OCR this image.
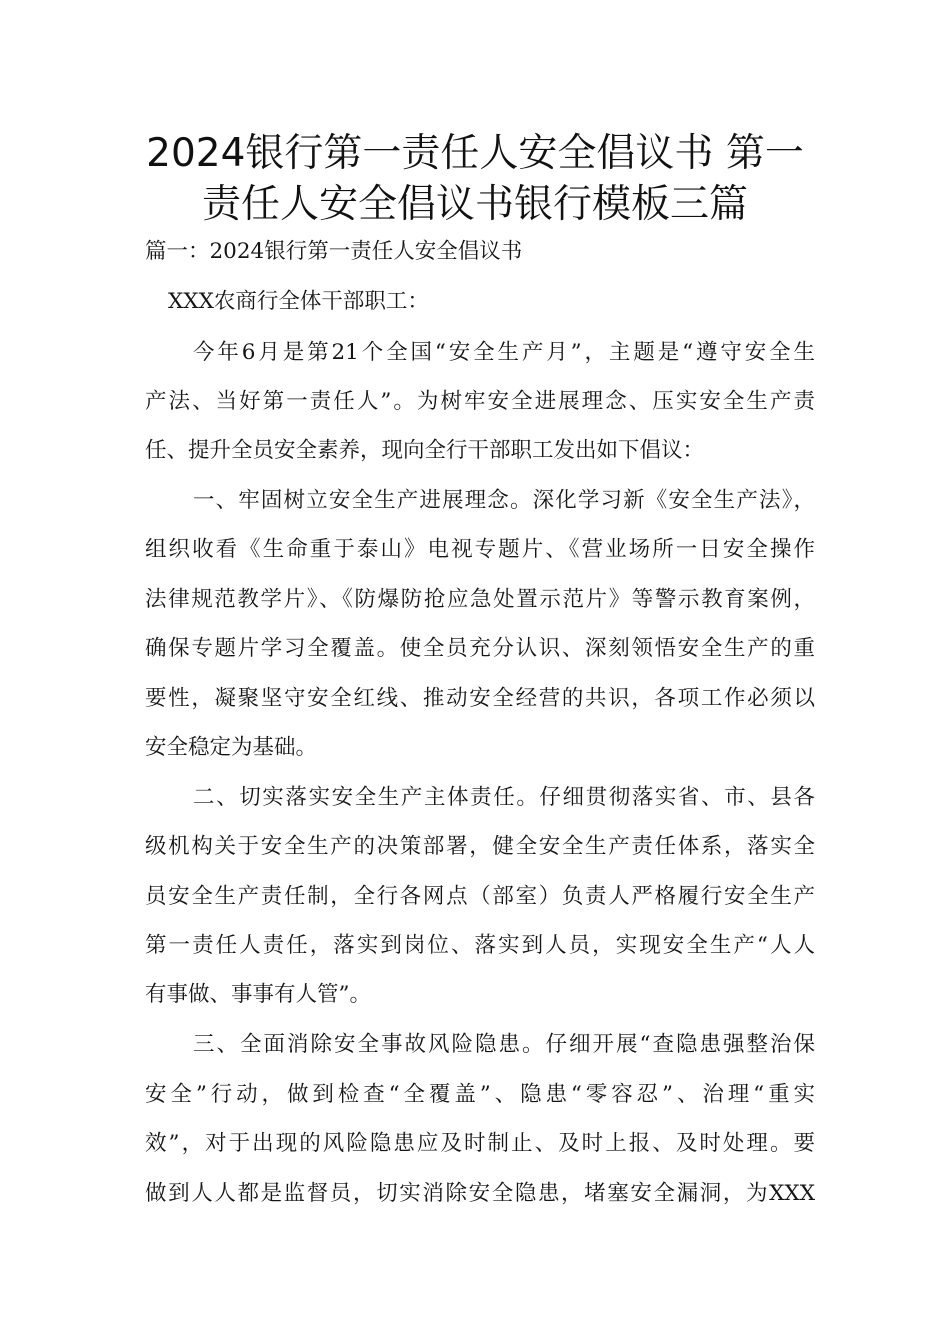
2024银行第一责任人安全倡议书 第一
责任人安全倡议书银行模板三篇
篇一：2024银行第一责任人安全倡议书
XXX农商行全体干部职工：
今年6月是第21个全国“安全生产月”，主题是“遵守安全生
产法、当好第一责任人”。为树牢安全进展理念、压实安全生产责
任、提升全员安全素养，现向全行干部职工发出如下倡议：
一、牢固树立安全生产进展理念。深化学习新《安全生产法》，
组织收看《生命重于泰山》电视专题片、《营业场所一日安全操作
法律规范教学片》、《防爆防抢应急处置示范片》等警示教育案例，
确保专题片学习全覆盖。使全员充分认识、深刻领悟安全生产的重
要性，凝聚坚守安全红线、推动安全经营的共识，各项工作必须以
安全稳定为基础。
二、切实落实安全生产主体责任。仔细贯彻落实省、市、县各
级机构关于安全生产的决策部署，健全安全生产责任体系，落实全
员安全生产责任制，全行各网点（部室）负责人严格履行安全生产
第一责任人责任，落实到岗位、落实到人员，实现安全生产“人人
有事做、事事有人管”。
三、全面消除安全事故风险隐患。仔细开展“查隐患强整治保
安全”行动，做到检查“全覆盖”、隐患“零容忍”、治理“重实
效”，对于出现的风险隐患应及时制止、及时上报、及时处理。要
做到人人都是监督员，切实消除安全隐患，堵塞安全漏洞，为XXX
